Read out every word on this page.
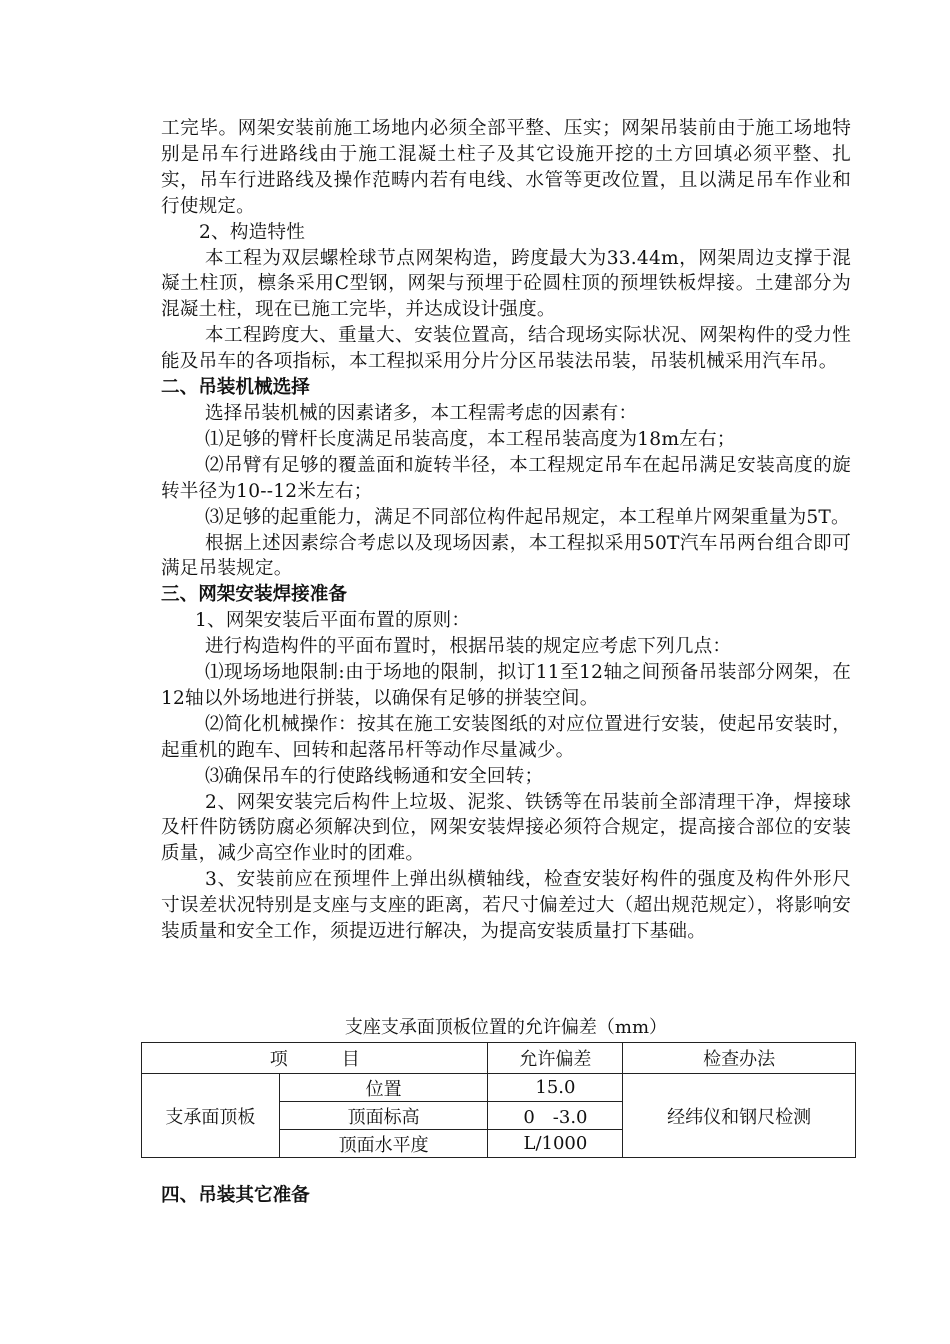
工完毕。网架安装前施工场地内必须全部平整、压实；网架吊装前由于施工场地特别是吊车行进路线由于施工混凝土柱子及其它设施开挖的土方回填必须平整、扎实，吊车行进路线及操作范畴内若有电线、水管等更改位置，且以满足吊车作业和行使规定。

2、构造特性

本工程为双层螺栓球节点网架构造，跨度最大为33.44m，网架周边支撑于混凝土柱顶，檩条采用C型钢，网架与预埋于砼圆柱顶的预埋铁板焊接。土建部分为混凝土柱，现在已施工完毕，并达成设计强度。

本工程跨度大、重量大、安装位置高，结合现场实际状况、网架构件的受力性能及吊车的各项指标，本工程拟采用分片分区吊装法吊装，吊装机械采用汽车吊。

二、吊装机械选择

选择吊装机械的因素诸多，本工程需考虑的因素有：

⑴足够的臂杆长度满足吊装高度，本工程吊装高度为18m左右；

⑵吊臂有足够的覆盖面和旋转半径，本工程规定吊车在起吊满足安装高度的旋转半径为10--12米左右；

⑶足够的起重能力，满足不同部位构件起吊规定，本工程单片网架重量为5T。

根据上述因素综合考虑以及现场因素，本工程拟采用50T汽车吊两台组合即可满足吊装规定。

三、网架安装焊接准备

1、网架安装后平面布置的原则：

进行构造构件的平面布置时，根据吊装的规定应考虑下列几点：

⑴现场场地限制:由于场地的限制，拟订11至12轴之间预备吊装部分网架，在12轴以外场地进行拼装，以确保有足够的拼装空间。

⑵简化机械操作：按其在施工安装图纸的对应位置进行安装，使起吊安装时，起重机的跑车、回转和起落吊杆等动作尽量减少。

⑶确保吊车的行使路线畅通和安全回转；

2、网架安装完后构件上垃圾、泥浆、铁锈等在吊装前全部清理干净，焊接球及杆件防锈防腐必须解决到位，网架安装焊接必须符合规定，提高接合部位的安装质量，减少高空作业时的团难。

3、安装前应在预埋件上弹出纵横轴线，检查安装好构件的强度及构件外形尺寸误差状况特别是支座与支座的距离，若尺寸偏差过大（超出规范规定），将影响安装质量和安全工作，须提迈进行解决，为提高安装质量打下基础。

支座支承面顶板位置的允许偏差（mm）
项　　　目		允许偏差	检查办法
支承面顶板	位置	15.0	经纬仪和钢尺检测
	顶面标高	0　-3.0	
	顶面水平度	L/1000	

四、吊装其它准备
